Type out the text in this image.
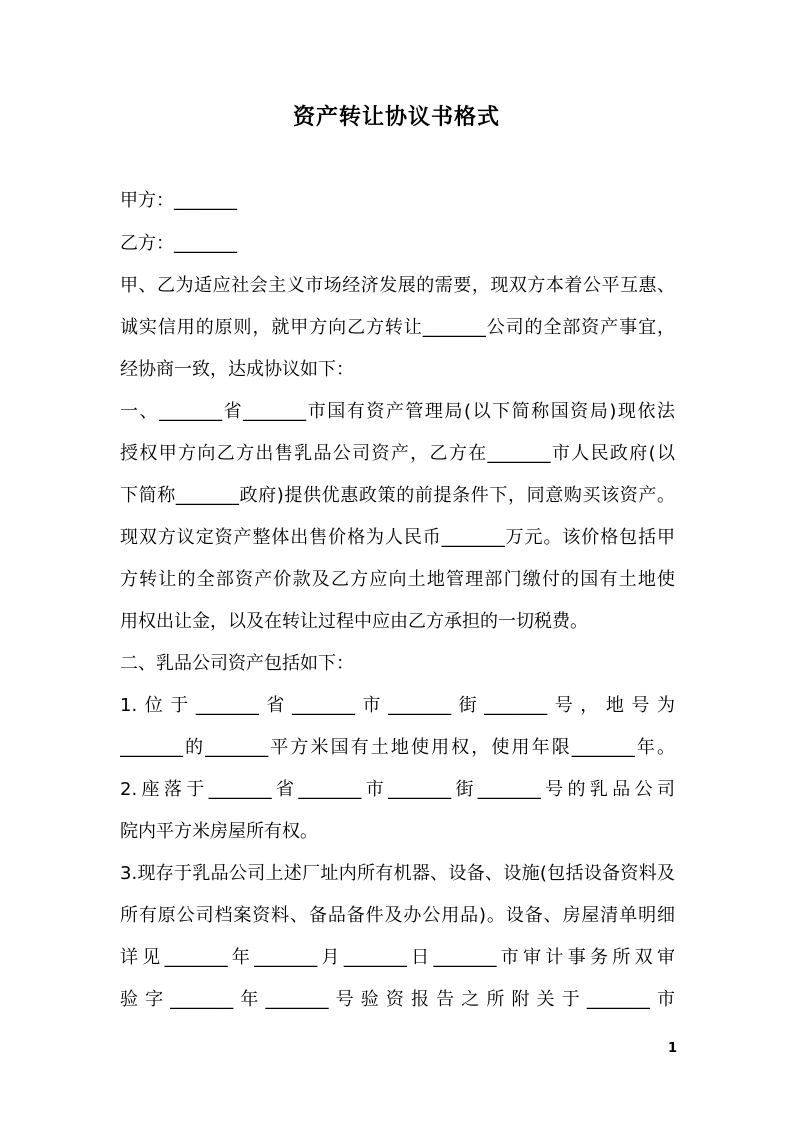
资产转让协议书格式
甲方：_______
乙方：_______
甲、乙为适应社会主义市场经济发展的需要，现双方本着公平互惠、
诚实信用的原则，就甲方向乙方转让_______公司的全部资产事宜，
经协商一致，达成协议如下：
一、_______省_______市国有资产管理局(以下简称国资局)现依法
授权甲方向乙方出售乳品公司资产，乙方在_______市人民政府(以
下简称_______政府)提供优惠政策的前提条件下，同意购买该资产。
现双方议定资产整体出售价格为人民币_______万元。该价格包括甲
方转让的全部资产价款及乙方应向土地管理部门缴付的国有土地使
用权出让金，以及在转让过程中应由乙方承担的一切税费。
二、乳品公司资产包括如下：
1.位于_______省_______市_______街_______号，地号为
_______的_______平方米国有土地使用权，使用年限_______年。
2.座落于_______省_______市_______街_______号的乳品公司
院内平方米房屋所有权。
3.现存于乳品公司上述厂址内所有机器、设备、设施(包括设备资料及
所有原公司档案资料、备品备件及办公用品)。设备、房屋清单明细
详见_______年_______月_______日_______市审计事务所双审
验字_______年_______号验资报告之所附关于_______市
1
